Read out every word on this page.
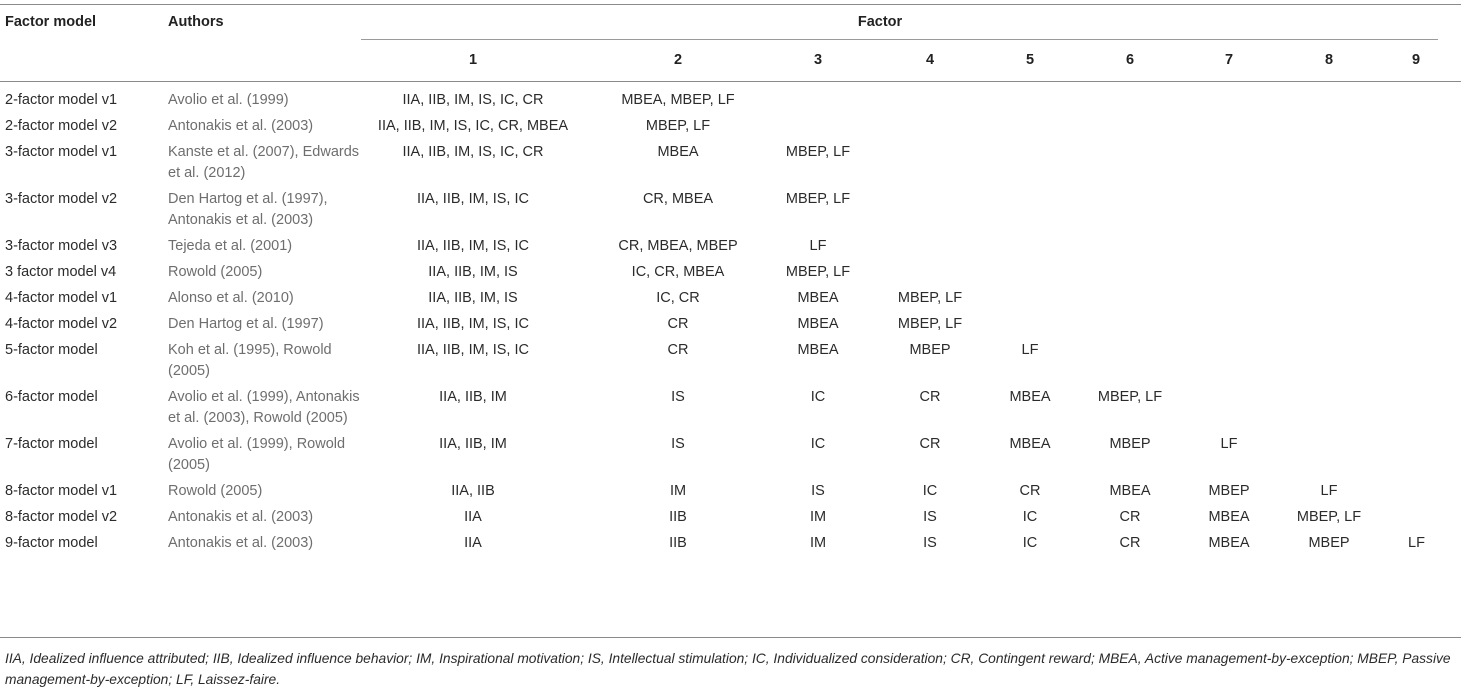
Factor model	Authors	Factor
1	2	3	4	5	6	7	8	9
2-factor model v1	Avolio et al. (1999)	IIA, IIB, IM, IS, IC, CR	MBEA, MBEP, LF							
2-factor model v2	Antonakis et al. (2003)	IIA, IIB, IM, IS, IC, CR, MBEA	MBEP, LF							
3-factor model v1	Kanste et al. (2007), Edwards et al. (2012)	IIA, IIB, IM, IS, IC, CR	MBEA	MBEP, LF						
3-factor model v2	Den Hartog et al. (1997), Antonakis et al. (2003)	IIA, IIB, IM, IS, IC	CR, MBEA	MBEP, LF						
3-factor model v3	Tejeda et al. (2001)	IIA, IIB, IM, IS, IC	CR, MBEA, MBEP	LF						
3 factor model v4	Rowold (2005)	IIA, IIB, IM, IS	IC, CR, MBEA	MBEP, LF						
4-factor model v1	Alonso et al. (2010)	IIA, IIB, IM, IS	IC, CR	MBEA	MBEP, LF					
4-factor model v2	Den Hartog et al. (1997)	IIA, IIB, IM, IS, IC	CR	MBEA	MBEP, LF					
5-factor model	Koh et al. (1995), Rowold (2005)	IIA, IIB, IM, IS, IC	CR	MBEA	MBEP	LF				
6-factor model	Avolio et al. (1999), Antonakis et al. (2003), Rowold (2005)	IIA, IIB, IM	IS	IC	CR	MBEA	MBEP, LF			
7-factor model	Avolio et al. (1999), Rowold (2005)	IIA, IIB, IM	IS	IC	CR	MBEA	MBEP	LF		
8-factor model v1	Rowold (2005)	IIA, IIB	IM	IS	IC	CR	MBEA	MBEP	LF	
8-factor model v2	Antonakis et al. (2003)	IIA	IIB	IM	IS	IC	CR	MBEA	MBEP, LF	
9-factor model	Antonakis et al. (2003)	IIA	IIB	IM	IS	IC	CR	MBEA	MBEP	LF
IIA, Idealized influence attributed; IIB, Idealized influence behavior; IM, Inspirational motivation; IS, Intellectual stimulation; IC, Individualized consideration; CR, Contingent reward; MBEA, Active management-by-exception; MBEP, Passive management-by-exception; LF, Laissez-faire.
